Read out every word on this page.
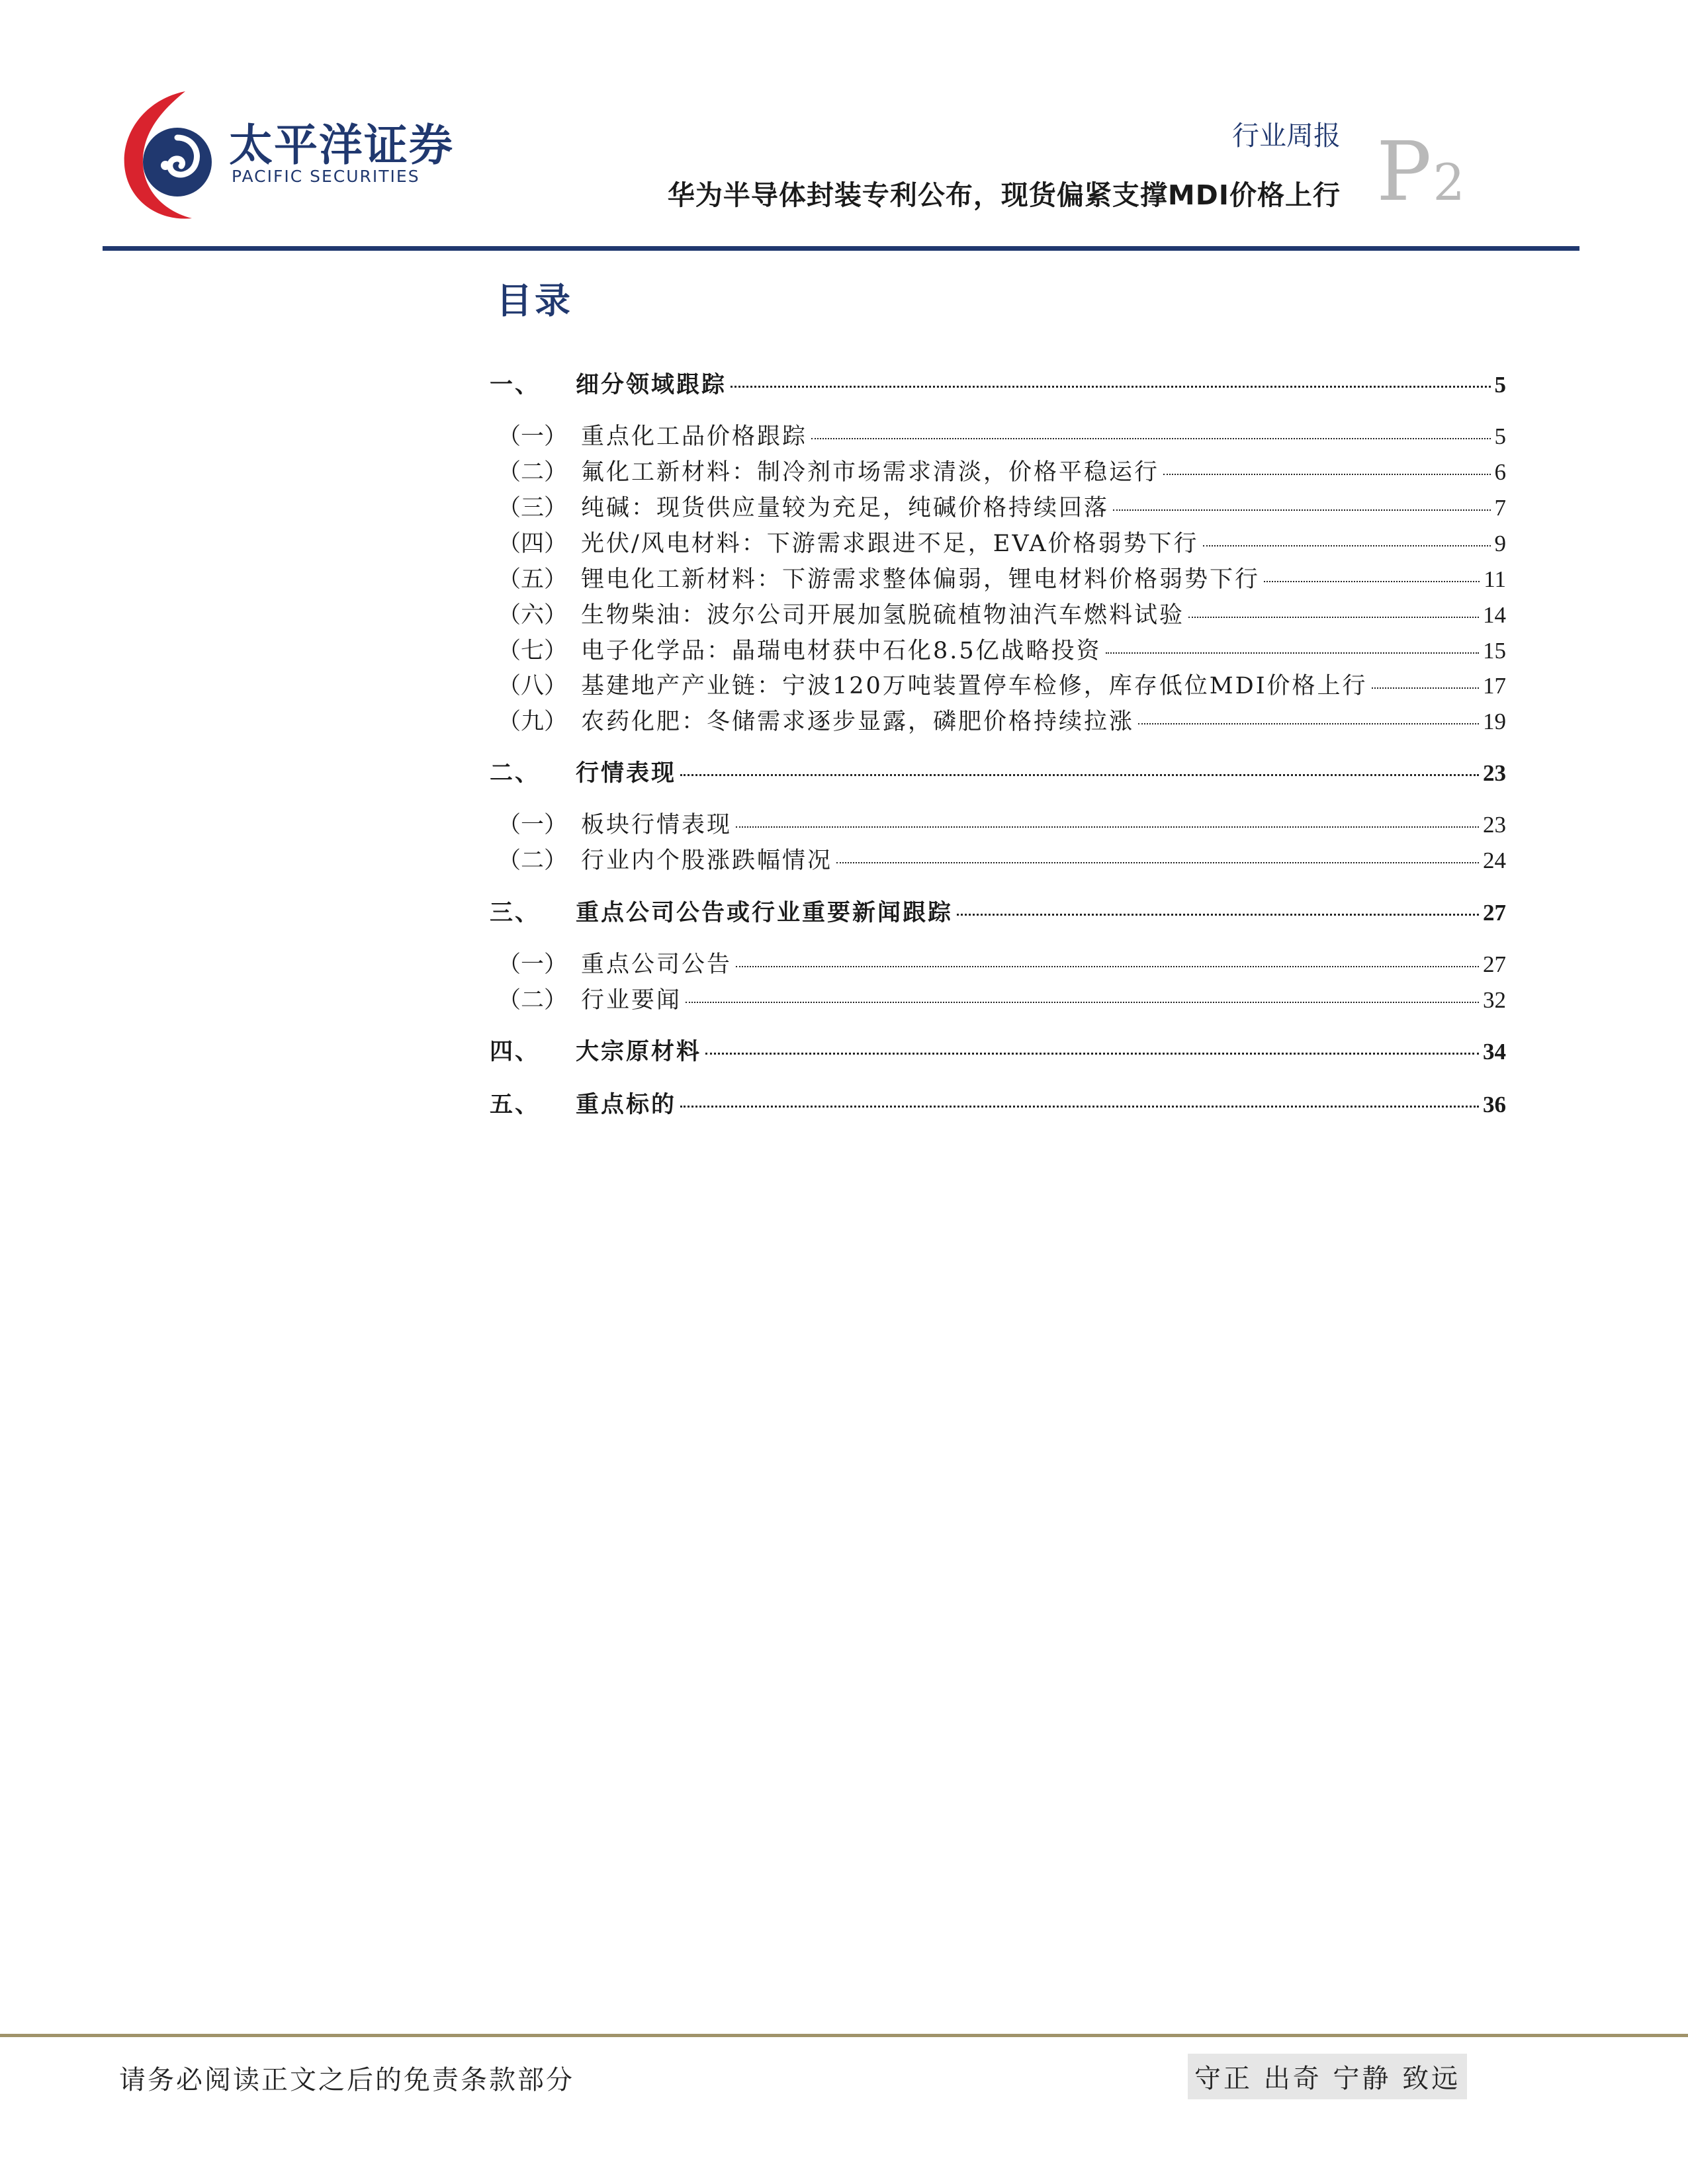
太平洋证券
PACIFIC SECURITIES
行业周报
华为半导体封装专利公布，现货偏紧支撑MDI价格上行 P2
目录
一、	细分领域跟踪	5
（一） 重点化工品价格跟踪	5
（二） 氟化工新材料：制冷剂市场需求清淡，价格平稳运行	6
（三） 纯碱：现货供应量较为充足，纯碱价格持续回落	7
（四） 光伏/风电材料：下游需求跟进不足，EVA价格弱势下行	9
（五） 锂电化工新材料：下游需求整体偏弱，锂电材料价格弱势下行	11
（六） 生物柴油：波尔公司开展加氢脱硫植物油汽车燃料试验	14
（七） 电子化学品：晶瑞电材获中石化8.5亿战略投资	15
（八） 基建地产产业链：宁波120万吨装置停车检修，库存低位MDI价格上行	17
（九） 农药化肥：冬储需求逐步显露，磷肥价格持续拉涨	19
二、	行情表现	23
（一） 板块行情表现	23
（二） 行业内个股涨跌幅情况	24
三、	重点公司公告或行业重要新闻跟踪	27
（一） 重点公司公告	27
（二） 行业要闻	32
四、	大宗原材料	34
五、	重点标的	36
请务必阅读正文之后的免责条款部分	守正 出奇 宁静 致远
